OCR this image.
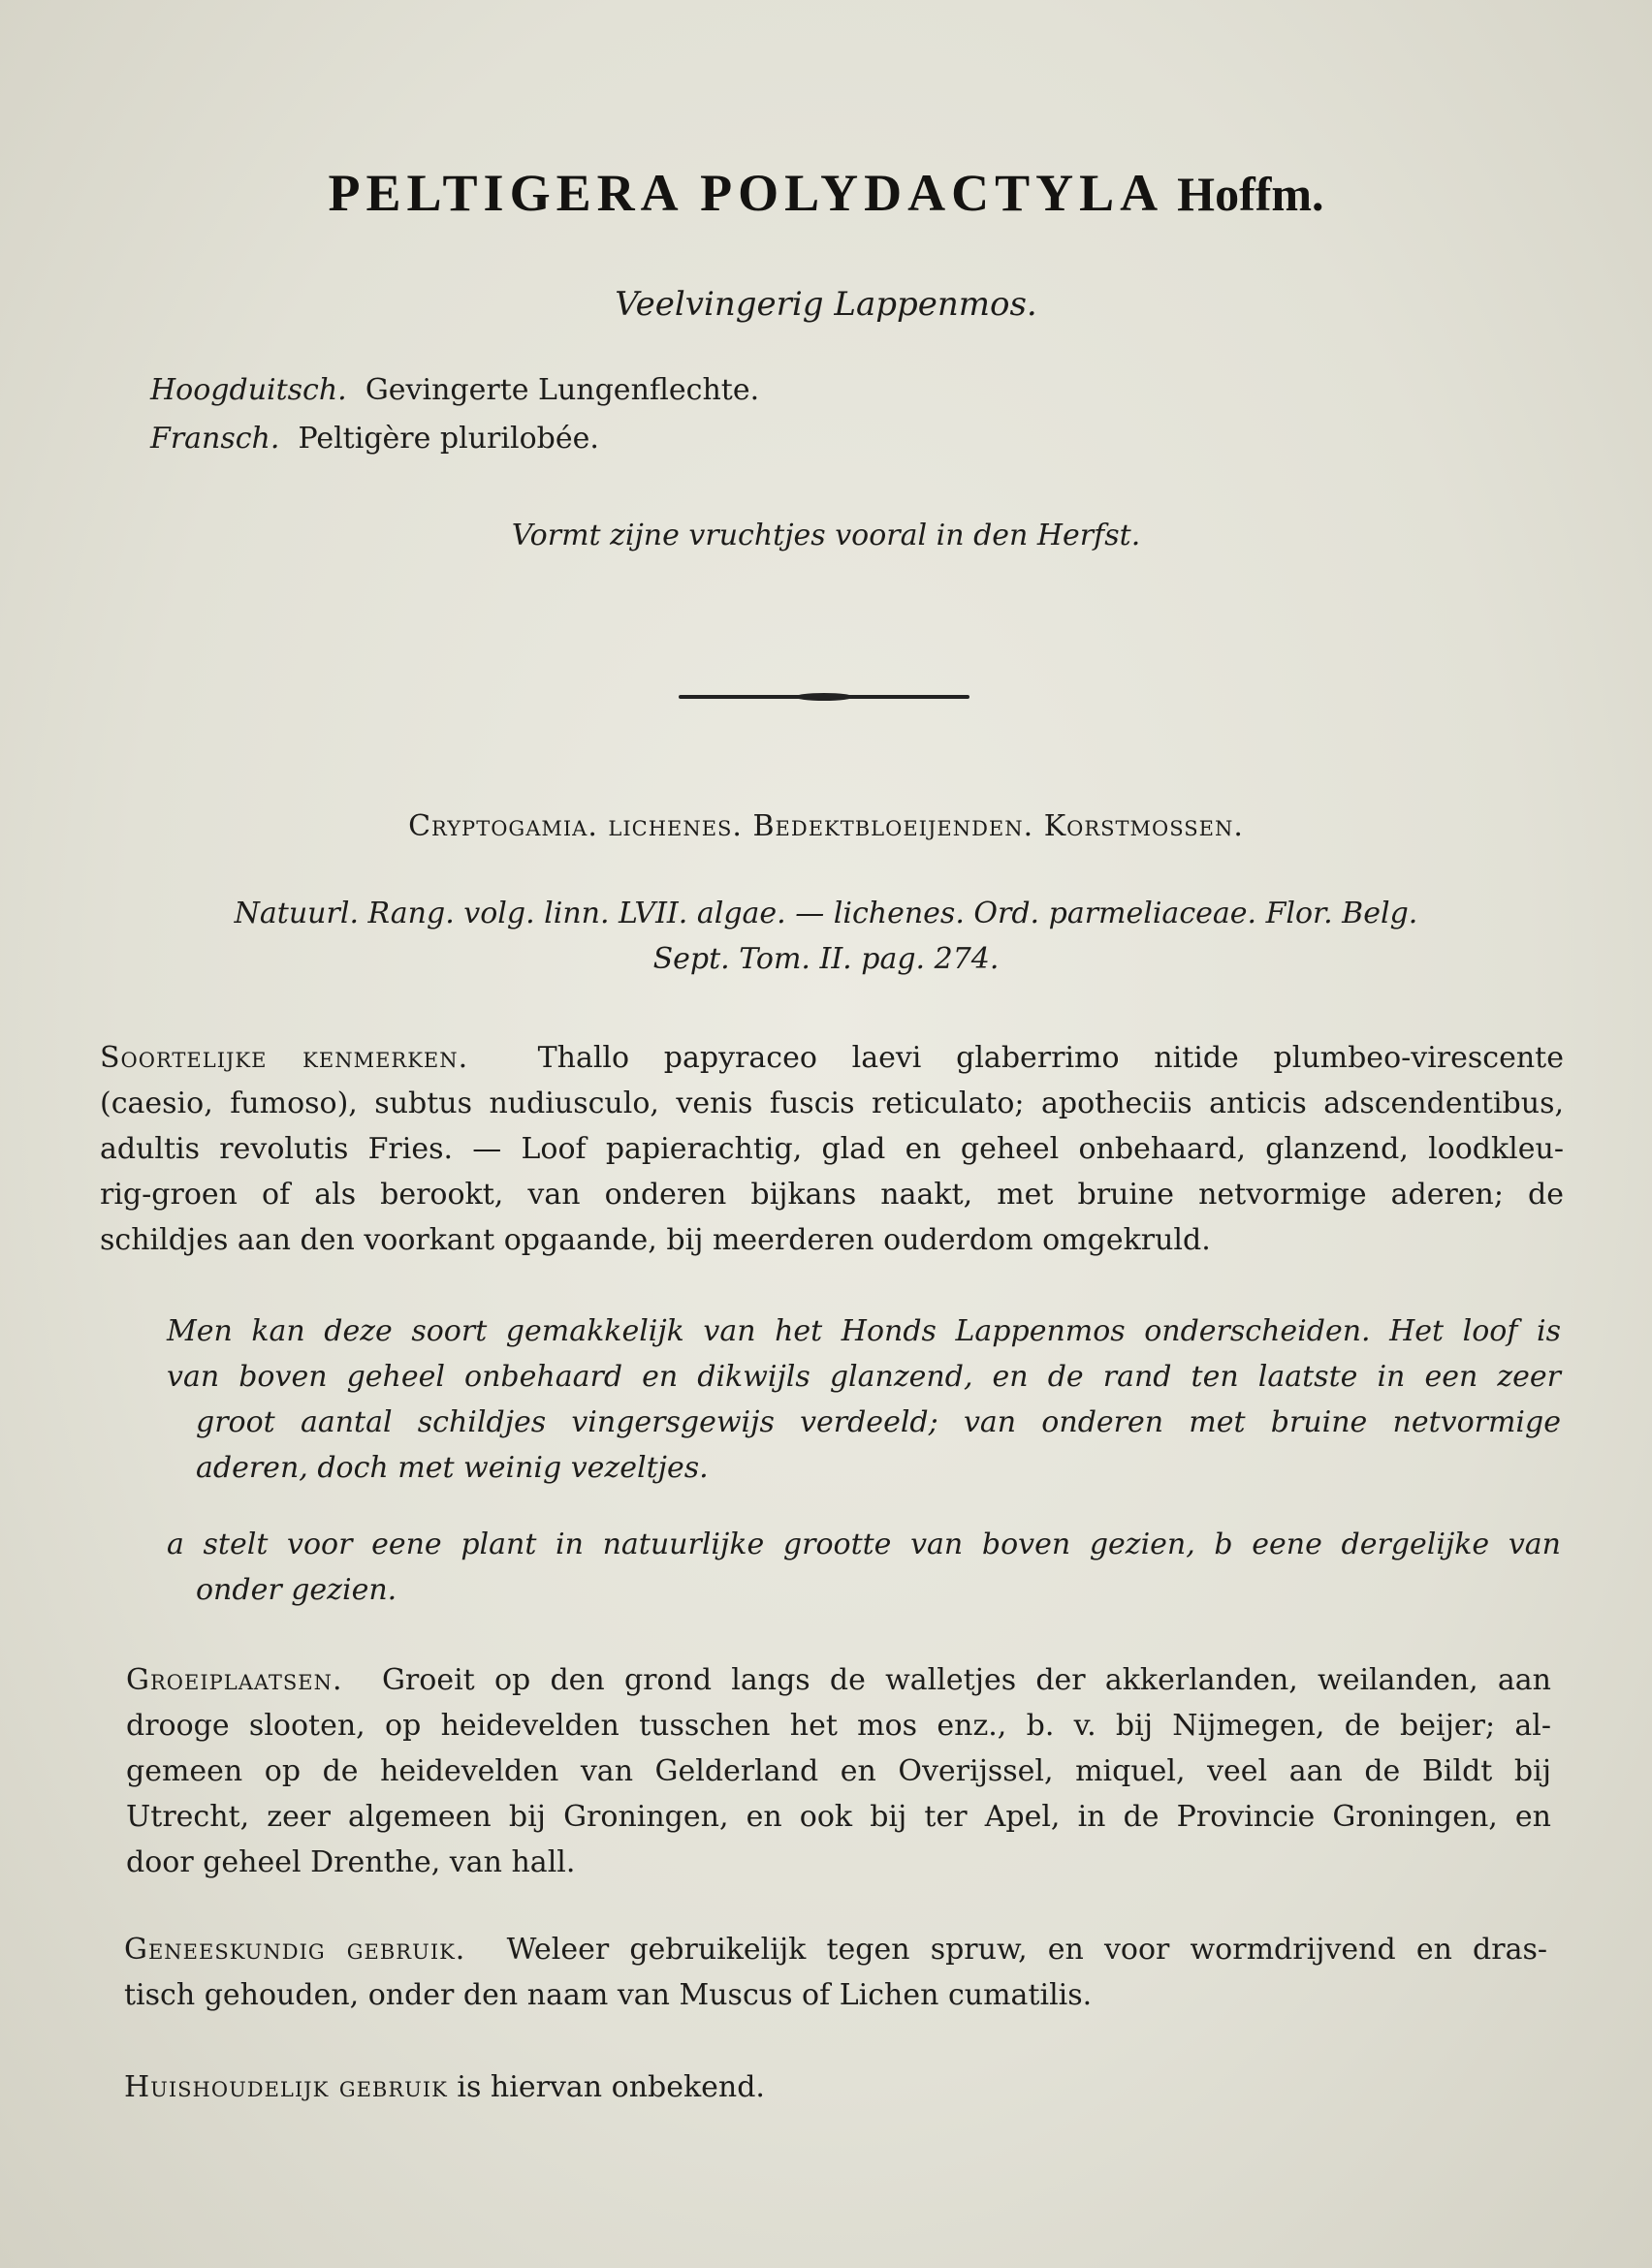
PELTIGERA POLYDACTYLA Hoffm.
Veelvingerig Lappenmos.
Hoogduitsch. Gevingerte Lungenflechte.
Fransch. Peltigère plurilobée.
Vormt zijne vruchtjes vooral in den Herfst.
Cryptogamia. lichenes. Bedektbloeijenden. Korstmossen.
Natuurl. Rang. volg. linn. LVII. algae. — lichenes. Ord. parmeliaceae. Flor. Belg.
Sept. Tom. II. pag. 274.
Soortelijke kenmerken. Thallo papyraceo laevi glaberrimo nitide plumbeo-virescente
(caesio, fumoso), subtus nudiusculo, venis fuscis reticulato; apotheciis anticis adscendentibus,
adultis revolutis Fries. — Loof papierachtig, glad en geheel onbehaard, glanzend, loodkleu-
rig-groen of als berookt, van onderen bijkans naakt, met bruine netvormige aderen; de
schildjes aan den voorkant opgaande, bij meerderen ouderdom omgekruld.
Men kan deze soort gemakkelijk van het Honds Lappenmos onderscheiden. Het loof is
van boven geheel onbehaard en dikwijls glanzend, en de rand ten laatste in een zeer
groot aantal schildjes vingersgewijs verdeeld; van onderen met bruine netvormige
aderen, doch met weinig vezeltjes.
a stelt voor eene plant in natuurlijke grootte van boven gezien, b eene dergelijke van
onder gezien.
Groeiplaatsen. Groeit op den grond langs de walletjes der akkerlanden, weilanden, aan
drooge slooten, op heidevelden tusschen het mos enz., b. v. bij Nijmegen, de beijer; al-
gemeen op de heidevelden van Gelderland en Overijssel, miquel, veel aan de Bildt bij
Utrecht, zeer algemeen bij Groningen, en ook bij ter Apel, in de Provincie Groningen, en
door geheel Drenthe, van hall.
Geneeskundig gebruik. Weleer gebruikelijk tegen spruw, en voor wormdrijvend en dras-
tisch gehouden, onder den naam van Muscus of Lichen cumatilis.
Huishoudelijk gebruik is hiervan onbekend.
